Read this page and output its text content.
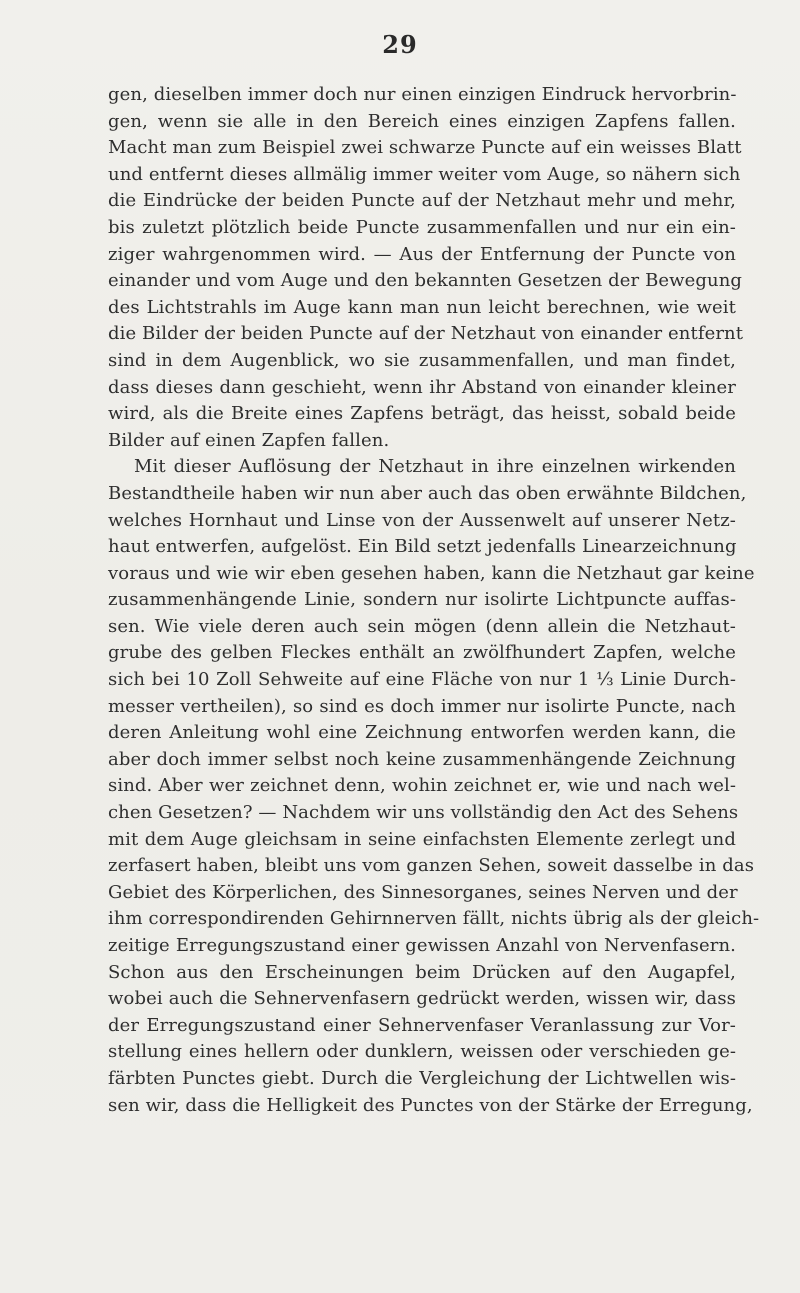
29
gen, dieselben immer doch nur einen einzigen Eindruck hervorbrin-
gen, wenn sie alle in den Bereich eines einzigen Zapfens fallen.
Macht man zum Beispiel zwei schwarze Puncte auf ein weisses Blatt
und entfernt dieses allmälig immer weiter vom Auge, so nähern sich
die Eindrücke der beiden Puncte auf der Netzhaut mehr und mehr,
bis zuletzt plötzlich beide Puncte zusammenfallen und nur ein ein-
ziger wahrgenommen wird. — Aus der Entfernung der Puncte von
einander und vom Auge und den bekannten Gesetzen der Bewegung
des Lichtstrahls im Auge kann man nun leicht berechnen, wie weit
die Bilder der beiden Puncte auf der Netzhaut von einander entfernt
sind in dem Augenblick, wo sie zusammenfallen, und man findet,
dass dieses dann geschieht, wenn ihr Abstand von einander kleiner
wird, als die Breite eines Zapfens beträgt, das heisst, sobald beide
Bilder auf einen Zapfen fallen.
Mit dieser Auflösung der Netzhaut in ihre einzelnen wirkenden
Bestandtheile haben wir nun aber auch das oben erwähnte Bildchen,
welches Hornhaut und Linse von der Aussenwelt auf unserer Netz-
haut entwerfen, aufgelöst. Ein Bild setzt jedenfalls Linearzeichnung
voraus und wie wir eben gesehen haben, kann die Netzhaut gar keine
zusammenhängende Linie, sondern nur isolirte Lichtpuncte auffas-
sen. Wie viele deren auch sein mögen (denn allein die Netzhaut-
grube des gelben Fleckes enthält an zwölfhundert Zapfen, welche
sich bei 10 Zoll Sehweite auf eine Fläche von nur 1 ⅓ Linie Durch-
messer vertheilen), so sind es doch immer nur isolirte Puncte, nach
deren Anleitung wohl eine Zeichnung entworfen werden kann, die
aber doch immer selbst noch keine zusammenhängende Zeichnung
sind. Aber wer zeichnet denn, wohin zeichnet er, wie und nach wel-
chen Gesetzen? — Nachdem wir uns vollständig den Act des Sehens
mit dem Auge gleichsam in seine einfachsten Elemente zerlegt und
zerfasert haben, bleibt uns vom ganzen Sehen, soweit dasselbe in das
Gebiet des Körperlichen, des Sinnesorganes, seines Nerven und der
ihm correspondirenden Gehirnnerven fällt, nichts übrig als der gleich-
zeitige Erregungszustand einer gewissen Anzahl von Nervenfasern.
Schon aus den Erscheinungen beim Drücken auf den Augapfel,
wobei auch die Sehnervenfasern gedrückt werden, wissen wir, dass
der Erregungszustand einer Sehnervenfaser Veranlassung zur Vor-
stellung eines hellern oder dunklern, weissen oder verschieden ge-
färbten Punctes giebt. Durch die Vergleichung der Lichtwellen wis-
sen wir, dass die Helligkeit des Punctes von der Stärke der Erregung,
